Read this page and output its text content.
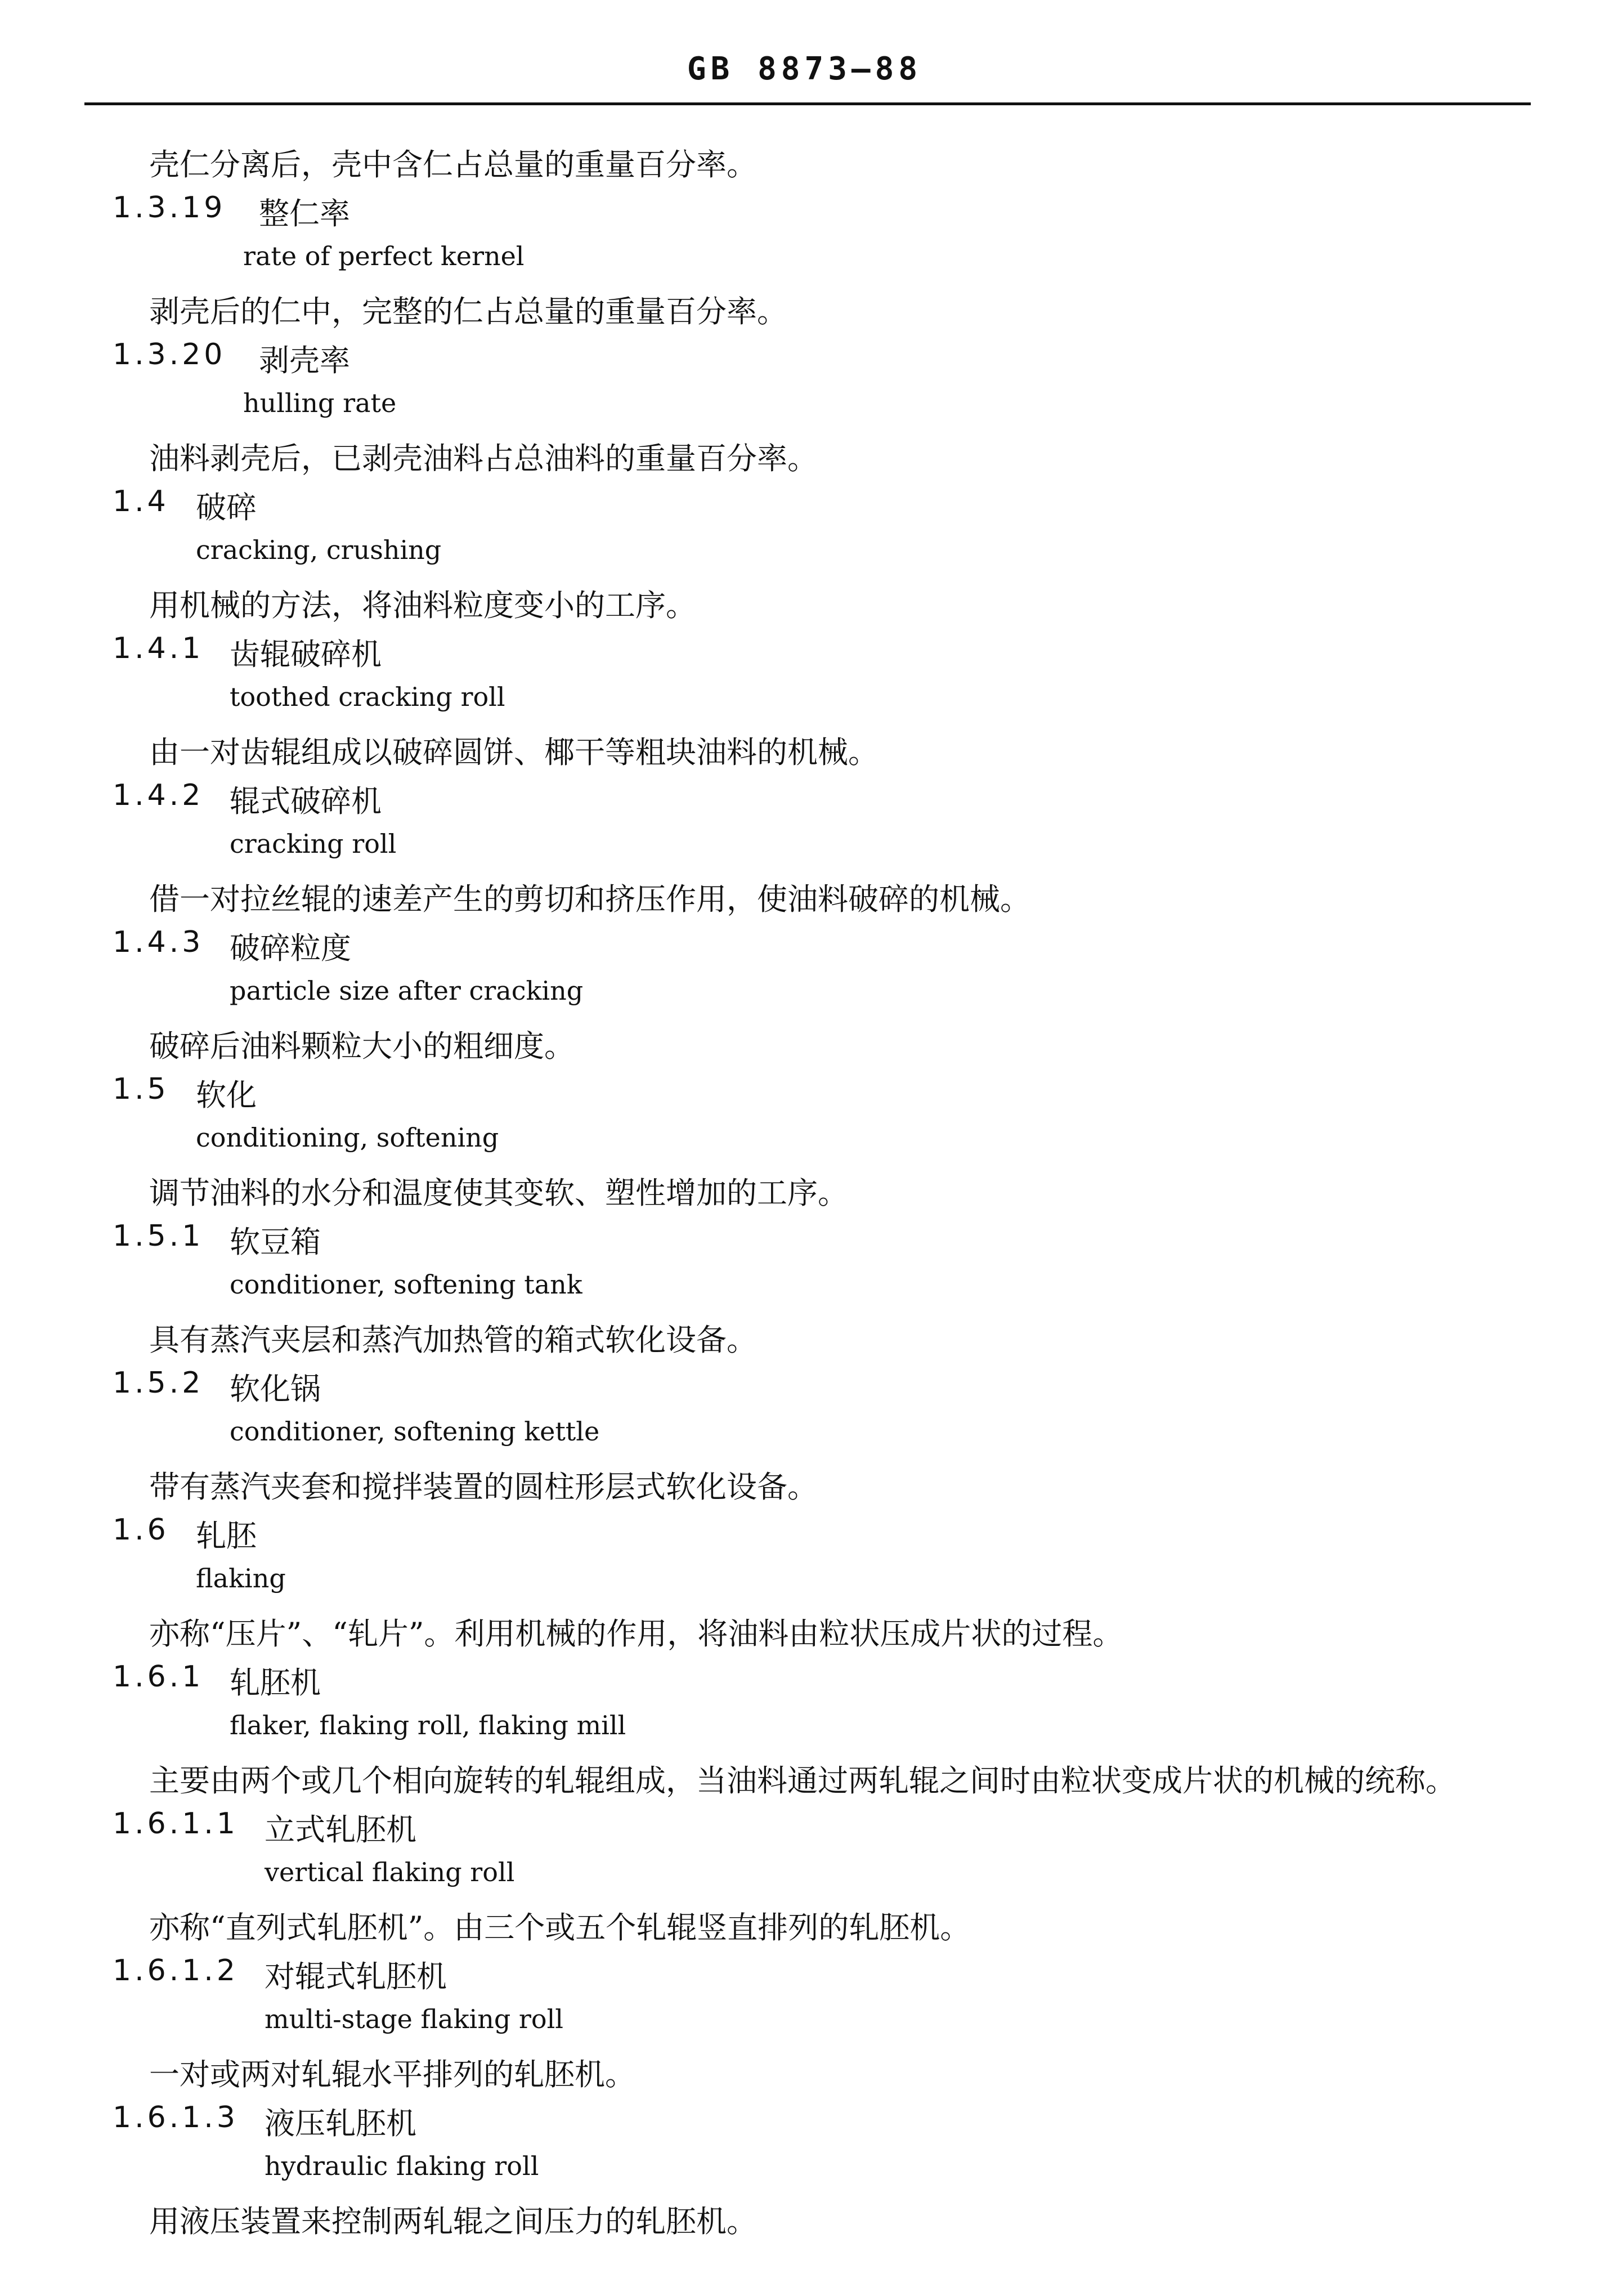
GB 8873—88
壳仁分离后，壳中含仁占总量的重量百分率。
1.3.19 整仁率
rate of perfect kernel
剥壳后的仁中，完整的仁占总量的重量百分率。
1.3.20 剥壳率
hulling rate
油料剥壳后，已剥壳油料占总油料的重量百分率。
1.4 破碎
cracking, crushing
用机械的方法，将油料粒度变小的工序。
1.4.1 齿辊破碎机
toothed cracking roll
由一对齿辊组成以破碎圆饼、椰干等粗块油料的机械。
1.4.2 辊式破碎机
cracking roll
借一对拉丝辊的速差产生的剪切和挤压作用，使油料破碎的机械。
1.4.3 破碎粒度
particle size after cracking
破碎后油料颗粒大小的粗细度。
1.5 软化
conditioning, softening
调节油料的水分和温度使其变软、塑性增加的工序。
1.5.1 软豆箱
conditioner, softening tank
具有蒸汽夹层和蒸汽加热管的箱式软化设备。
1.5.2 软化锅
conditioner, softening kettle
带有蒸汽夹套和搅拌装置的圆柱形层式软化设备。
1.6 轧胚
flaking
亦称“压片”、“轧片”。利用机械的作用，将油料由粒状压成片状的过程。
1.6.1 轧胚机
flaker, flaking roll, flaking mill
主要由两个或几个相向旋转的轧辊组成，当油料通过两轧辊之间时由粒状变成片状的机械的统称。
1.6.1.1 立式轧胚机
vertical flaking roll
亦称“直列式轧胚机”。由三个或五个轧辊竖直排列的轧胚机。
1.6.1.2 对辊式轧胚机
multi-stage flaking roll
一对或两对轧辊水平排列的轧胚机。
1.6.1.3 液压轧胚机
hydraulic flaking roll
用液压装置来控制两轧辊之间压力的轧胚机。
